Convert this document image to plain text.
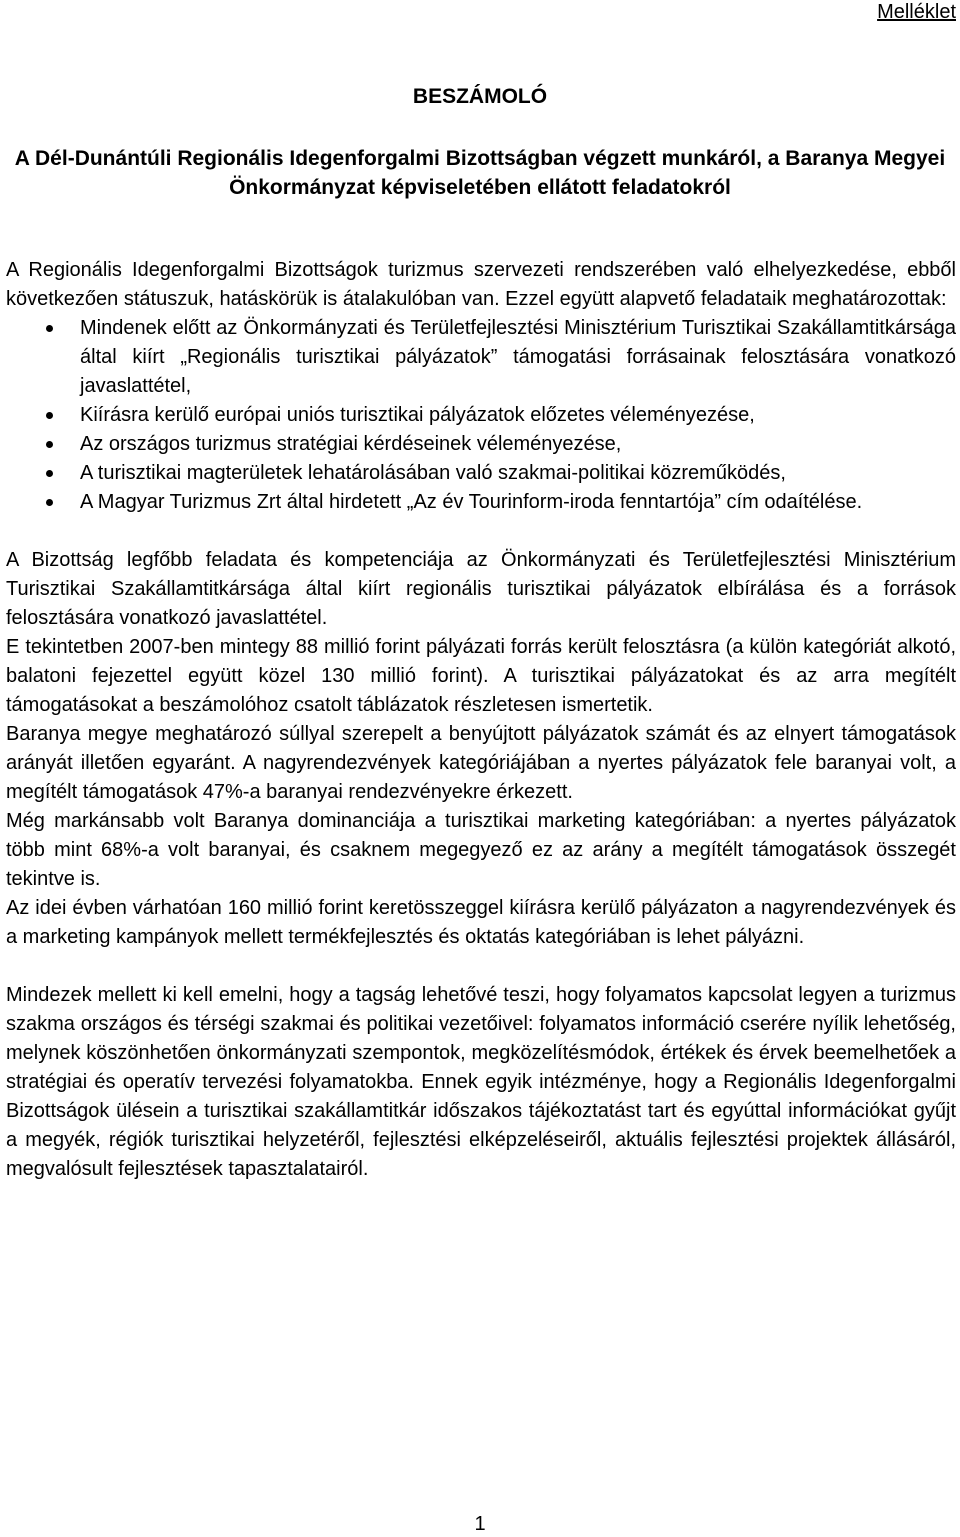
Melléklet
BESZÁMOLÓ
A Dél-Dunántúli Regionális Idegenforgalmi Bizottságban végzett munkáról, a Baranya Megyei Önkormányzat képviseletében ellátott feladatokról

A Regionális Idegenforgalmi Bizottságok turizmus szervezeti rendszerében való elhelyezkedése, ebből következően státuszuk, hatáskörük is átalakulóban van. Ezzel együtt alapvető feladataik meghatározottak:

Mindenek előtt az Önkormányzati és Területfejlesztési Minisztérium Turisztikai Szakállamtitkársága által kiírt „Regionális turisztikai pályázatok” támogatási forrásainak felosztására vonatkozó javaslattétel,
Kiírásra kerülő európai uniós turisztikai pályázatok előzetes véleményezése,
Az országos turizmus stratégiai kérdéseinek véleményezése,
A turisztikai magterületek lehatárolásában való szakmai-politikai közreműködés,
A Magyar Turizmus Zrt által hirdetett „Az év Tourinform-iroda fenntartója” cím odaítélése.

A Bizottság legfőbb feladata és kompetenciája az Önkormányzati és Területfejlesztési Minisztérium Turisztikai Szakállamtitkársága által kiírt regionális turisztikai pályázatok elbírálása és a források felosztására vonatkozó javaslattétel.

E tekintetben 2007-ben mintegy 88 millió forint pályázati forrás került felosztásra (a külön kategóriát alkotó, balatoni fejezettel együtt közel 130 millió forint). A turisztikai pályázatokat és az arra megítélt támogatásokat a beszámolóhoz csatolt táblázatok részletesen ismertetik.

Baranya megye meghatározó súllyal szerepelt a benyújtott pályázatok számát és az elnyert támogatások arányát illetően egyaránt. A nagyrendezvények kategóriájában a nyertes pályázatok fele baranyai volt, a megítélt támogatások 47%-a baranyai rendezvényekre érkezett.

Még markánsabb volt Baranya dominanciája a turisztikai marketing kategóriában: a nyertes pályázatok több mint 68%-a volt baranyai, és csaknem megegyező ez az arány a megítélt támogatások összegét tekintve is.

Az idei évben várhatóan 160 millió forint keretösszeggel kiírásra kerülő pályázaton a nagyrendezvények és a marketing kampányok mellett termékfejlesztés és oktatás kategóriában is lehet pályázni.

Mindezek mellett ki kell emelni, hogy a tagság lehetővé teszi, hogy folyamatos kapcsolat legyen a turizmus szakma országos és térségi szakmai és politikai vezetőivel: folyamatos információ cserére nyílik lehetőség, melynek köszönhetően önkormányzati szempontok, megközelítésmódok, értékek és érvek beemelhetőek a stratégiai és operatív tervezési folyamatokba. Ennek egyik intézménye, hogy a Regionális Idegenforgalmi Bizottságok ülésein a turisztikai szakállamtitkár időszakos tájékoztatást tart és egyúttal információkat gyűjt a megyék, régiók turisztikai helyzetéről, fejlesztési elképzeléseiről, aktuális fejlesztési projektek állásáról, megvalósult fejlesztések tapasztalatairól.

1
